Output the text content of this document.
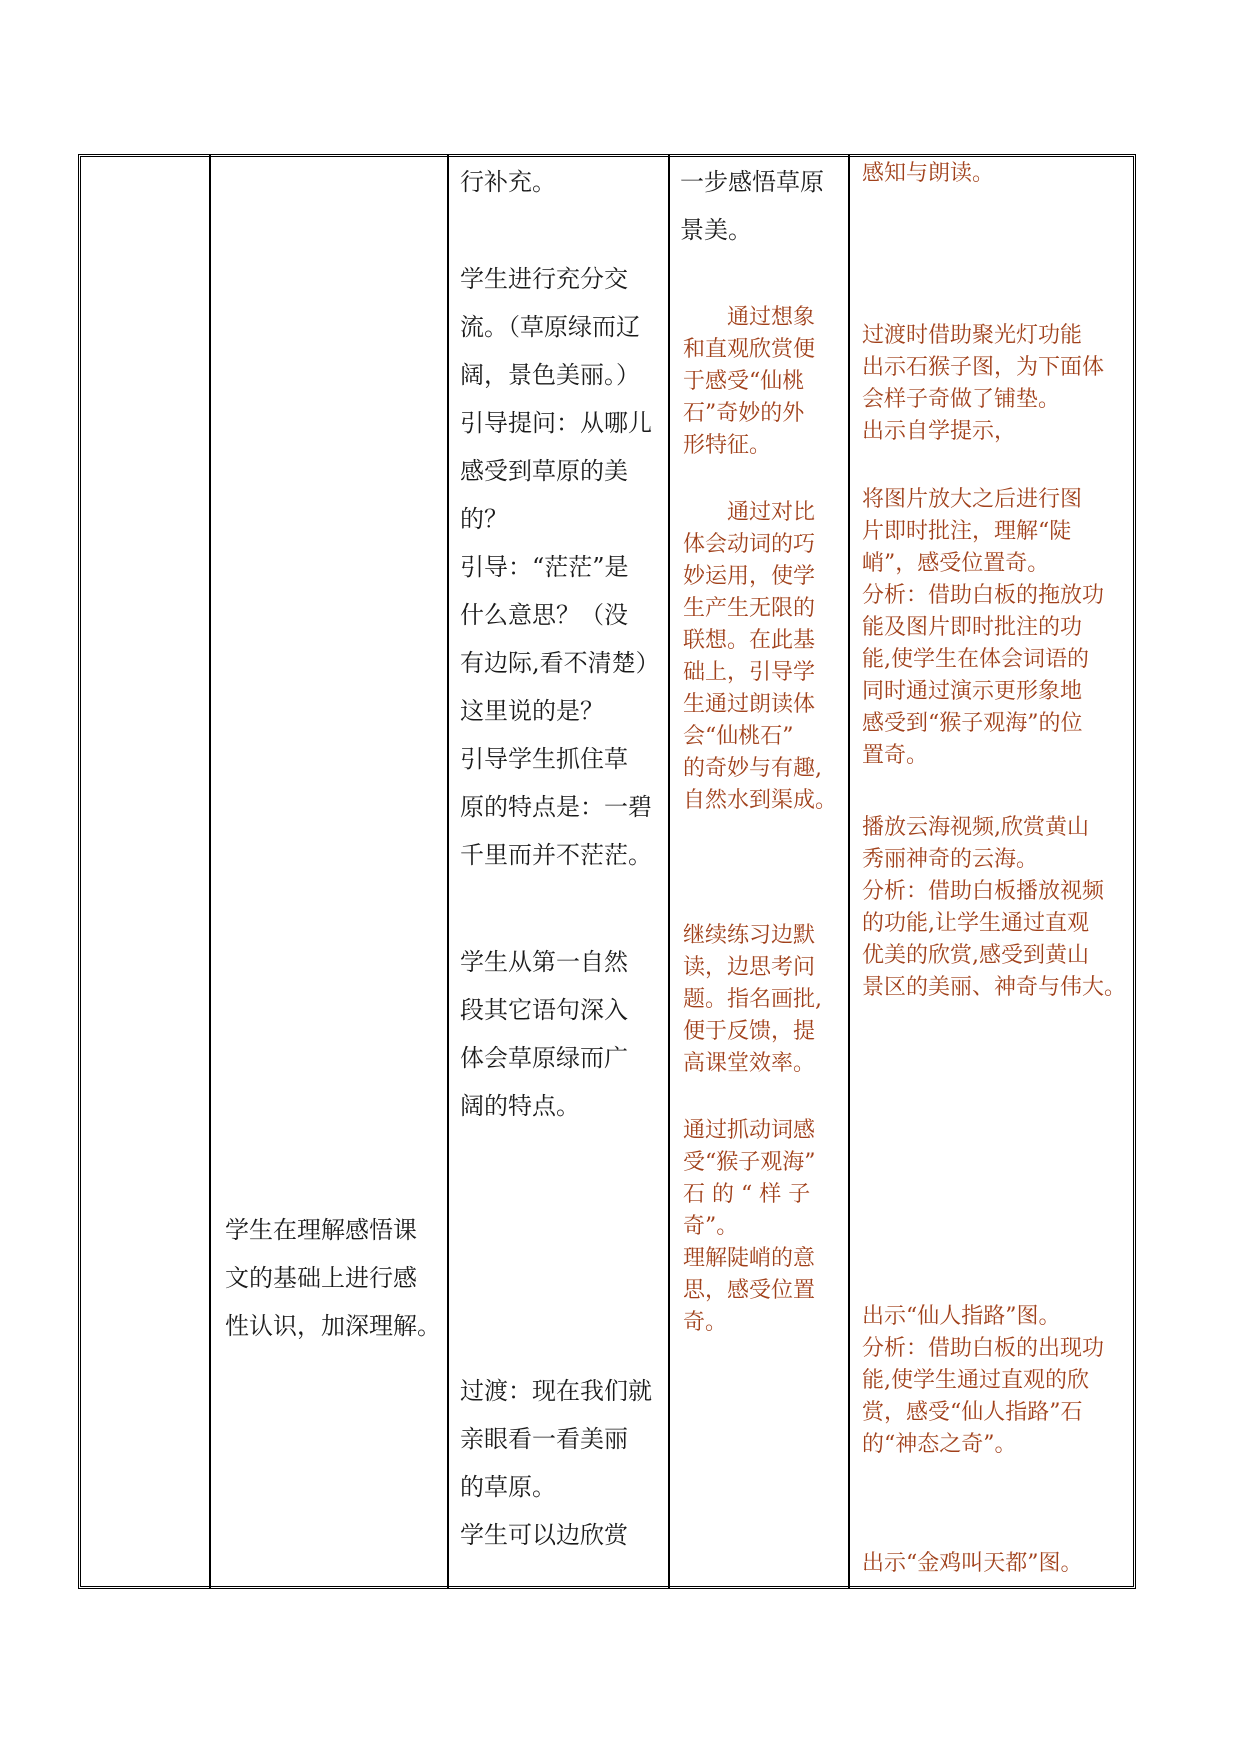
学生在理解感悟课
文的基础上进行感
性认识，加深理解。
行补充。
学生进行充分交
流。（草原绿而辽
阔，景色美丽。）
引导提问：从哪儿
感受到草原的美
的？
引导：“茫茫”是
什么意思？（没
有边际,看不清楚）
这里说的是？
引导学生抓住草
原的特点是：一碧
千里而并不茫茫。
学生从第一自然
段其它语句深入
体会草原绿而广
阔的特点。
过渡：现在我们就
亲眼看一看美丽
的草原。
学生可以边欣赏
一步感悟草原
景美。
　　通过想象
和直观欣赏便
于感受“仙桃
石”奇妙的外
形特征。
　　通过对比
体会动词的巧
妙运用，使学
生产生无限的
联想。在此基
础上，引导学
生通过朗读体
会“仙桃石”
的奇妙与有趣,
自然水到渠成。
继续练习边默
读，边思考问
题。指名画批,
便于反馈，提
高课堂效率。
通过抓动词感
受“猴子观海”
石 的 “ 样 子
奇”。
理解陡峭的意
思，感受位置
奇。
感知与朗读。
过渡时借助聚光灯功能
出示石猴子图，为下面体
会样子奇做了铺垫。
出示自学提示，
将图片放大之后进行图
片即时批注，理解“陡
峭”，感受位置奇。
分析：借助白板的拖放功
能及图片即时批注的功
能,使学生在体会词语的
同时通过演示更形象地
感受到“猴子观海”的位
置奇。
播放云海视频,欣赏黄山
秀丽神奇的云海。
分析：借助白板播放视频
的功能,让学生通过直观
优美的欣赏,感受到黄山
景区的美丽、神奇与伟大。
出示“仙人指路”图。
分析：借助白板的出现功
能,使学生通过直观的欣
赏，感受“仙人指路”石
的“神态之奇”。
出示“金鸡叫天都”图。
